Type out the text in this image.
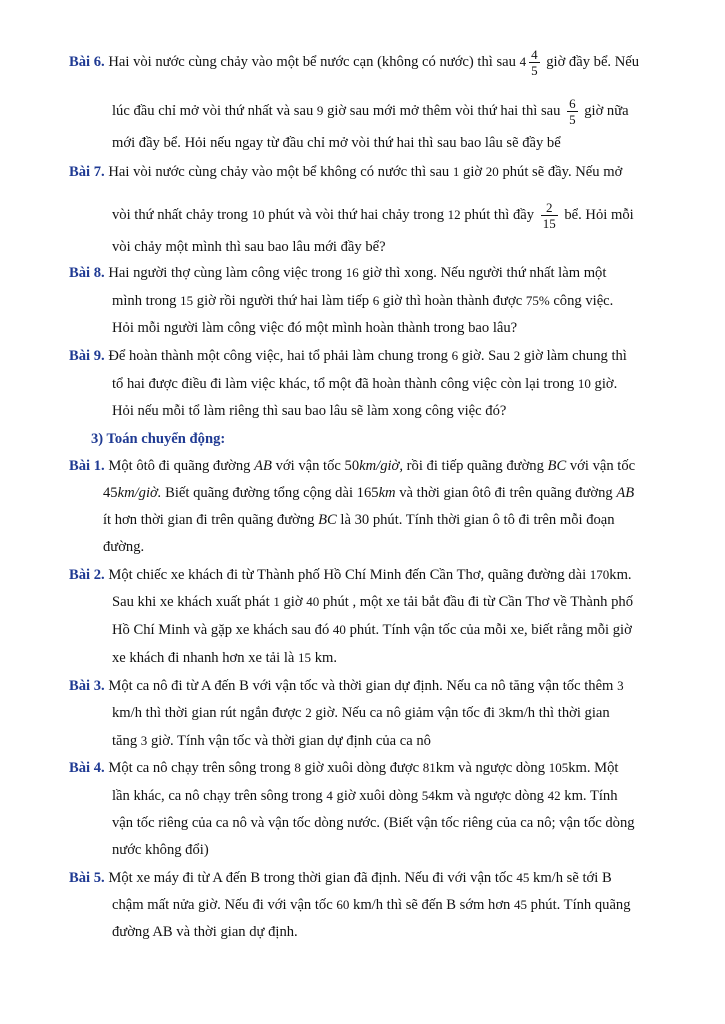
Bài 6. Hai vòi nước cùng chảy vào một bể nước cạn (không có nước) thì sau $4 \frac{4}{5}$ giờ đầy bể. Nếu
lúc đầu chỉ mở vòi thứ nhất và sau 9 giờ sau mới mở thêm vòi thứ hai thì sau $\frac{6}{5}$ giờ nữa
mới đầy bể. Hỏi nếu ngay từ đầu chỉ mở vòi thứ hai thì sau bao lâu sẽ đầy bể
Bài 7. Hai vòi nước cùng chảy vào một bể không có nước thì sau 1 giờ 20 phút sẽ đầy. Nếu mở
vòi thứ nhất chảy trong 10 phút và vòi thứ hai chảy trong 12 phút thì đầy $\frac{2}{15}$ bể. Hỏi mỗi
vòi chảy một mình thì sau bao lâu mới đầy bể?
Bài 8. Hai người thợ cùng làm công việc trong 16 giờ thì xong. Nếu người thứ nhất làm một
mình trong 15 giờ rồi người thứ hai làm tiếp 6 giờ thì hoàn thành được 75% công việc.
Hỏi mỗi người làm công việc đó một mình hoàn thành trong bao lâu?
Bài 9. Để hoàn thành một công việc, hai tổ phải làm chung trong 6 giờ. Sau 2 giờ làm chung thì
tổ hai được điều đi làm việc khác, tổ một đã hoàn thành công việc còn lại trong 10 giờ.
Hỏi nếu mỗi tổ làm riêng thì sau bao lâu sẽ làm xong công việc đó?
3) Toán chuyển động:
Bài 1. Một ôtô đi quãng đường AB với vận tốc 50km/giờ, rồi đi tiếp quãng đường BC với vận tốc
45km/giờ. Biết quãng đường tổng cộng dài 165km và thời gian ôtô đi trên quãng đường AB
ít hơn thời gian đi trên quãng đường BC là 30 phút. Tính thời gian ô tô đi trên mỗi đoạn
đường.
Bài 2. Một chiếc xe khách đi từ Thành phố Hồ Chí Minh đến Cần Thơ, quãng đường dài 170km.
Sau khi xe khách xuất phát 1 giờ 40 phút , một xe tải bắt đầu đi từ Cần Thơ về Thành phố
Hồ Chí Minh và gặp xe khách sau đó 40 phút. Tính vận tốc của mỗi xe, biết rằng mỗi giờ
xe khách đi nhanh hơn xe tải là 15 km.
Bài 3. Một ca nô đi từ A đến B với vận tốc và thời gian dự định. Nếu ca nô tăng vận tốc thêm 3
km/h thì thời gian rút ngắn được 2 giờ. Nếu ca nô giảm vận tốc đi 3km/h thì thời gian
tăng 3 giờ. Tính vận tốc và thời gian dự định của ca nô
Bài 4. Một ca nô chạy trên sông trong 8 giờ xuôi dòng được 81km và ngược dòng 105km. Một
lần khác, ca nô chạy trên sông trong 4 giờ xuôi dòng 54km và ngược dòng 42 km. Tính
vận tốc riêng của ca nô và vận tốc dòng nước. (Biết vận tốc riêng của ca nô; vận tốc dòng
nước không đổi)
Bài 5. Một xe máy đi từ A đến B trong thời gian đã định. Nếu đi với vận tốc 45 km/h sẽ tới B
chậm mất nửa giờ. Nếu đi với vận tốc 60 km/h thì sẽ đến B sớm hơn 45 phút. Tính quãng
đường AB và thời gian dự định.
